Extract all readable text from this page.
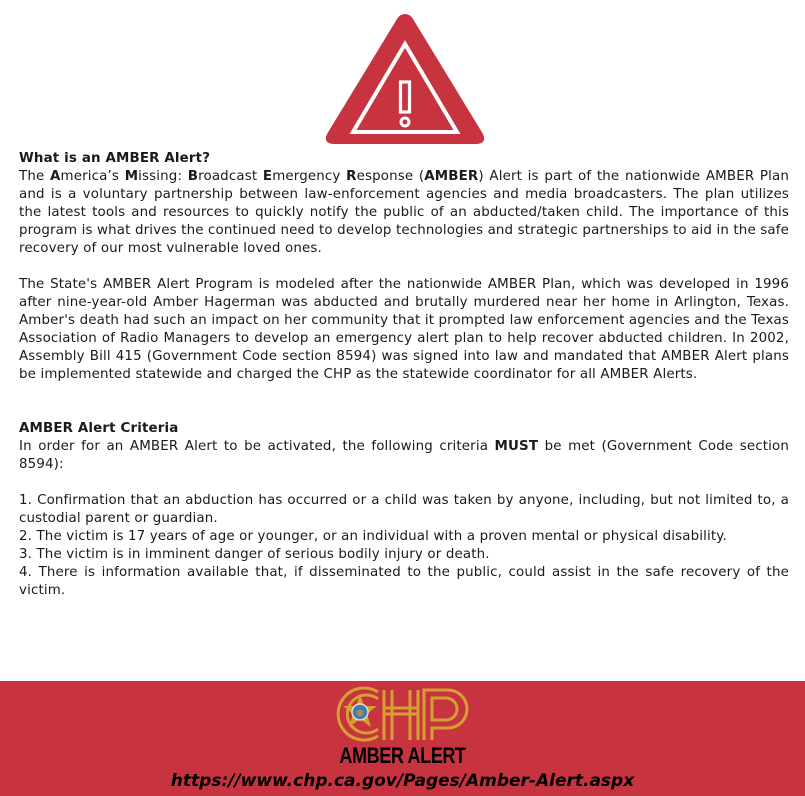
What is an AMBER Alert?

The America’s Missing: Broadcast Emergency Response (AMBER) Alert is part of the nationwide AMBER Plan and is a voluntary partnership between law-enforcement agencies and media broadcasters. The plan utilizes the latest tools and resources to quickly notify the public of an abducted/taken child. The importance of this program is what drives the continued need to develop technologies and strategic partnerships to aid in the safe recovery of our most vulnerable loved ones.

The State's AMBER Alert Program is modeled after the nationwide AMBER Plan, which was developed in 1996 after nine-year-old Amber Hagerman was abducted and brutally murdered near her home in Arlington, Texas. Amber's death had such an impact on her community that it prompted law enforcement agencies and the Texas Association of Radio Managers to develop an emergency alert plan to help recover abducted children. In 2002, Assembly Bill 415 (Government Code section 8594) was signed into law and mandated that AMBER Alert plans be implemented statewide and charged the CHP as the statewide coordinator for all AMBER Alerts.

AMBER Alert Criteria

In order for an AMBER Alert to be activated, the following criteria MUST be met (Government Code section 8594):

1. Confirmation that an abduction has occurred or a child was taken by anyone, including, but not limited to, a custodial parent or guardian.
2. The victim is 17 years of age or younger, or an individual with a proven mental or physical disability.
3. The victim is in imminent danger of serious bodily injury or death.
4. There is information available that, if disseminated to the public, could assist in the safe recovery of the victim.
AMBER ALERT
https://www.chp.ca.gov/Pages/Amber-Alert.aspx
